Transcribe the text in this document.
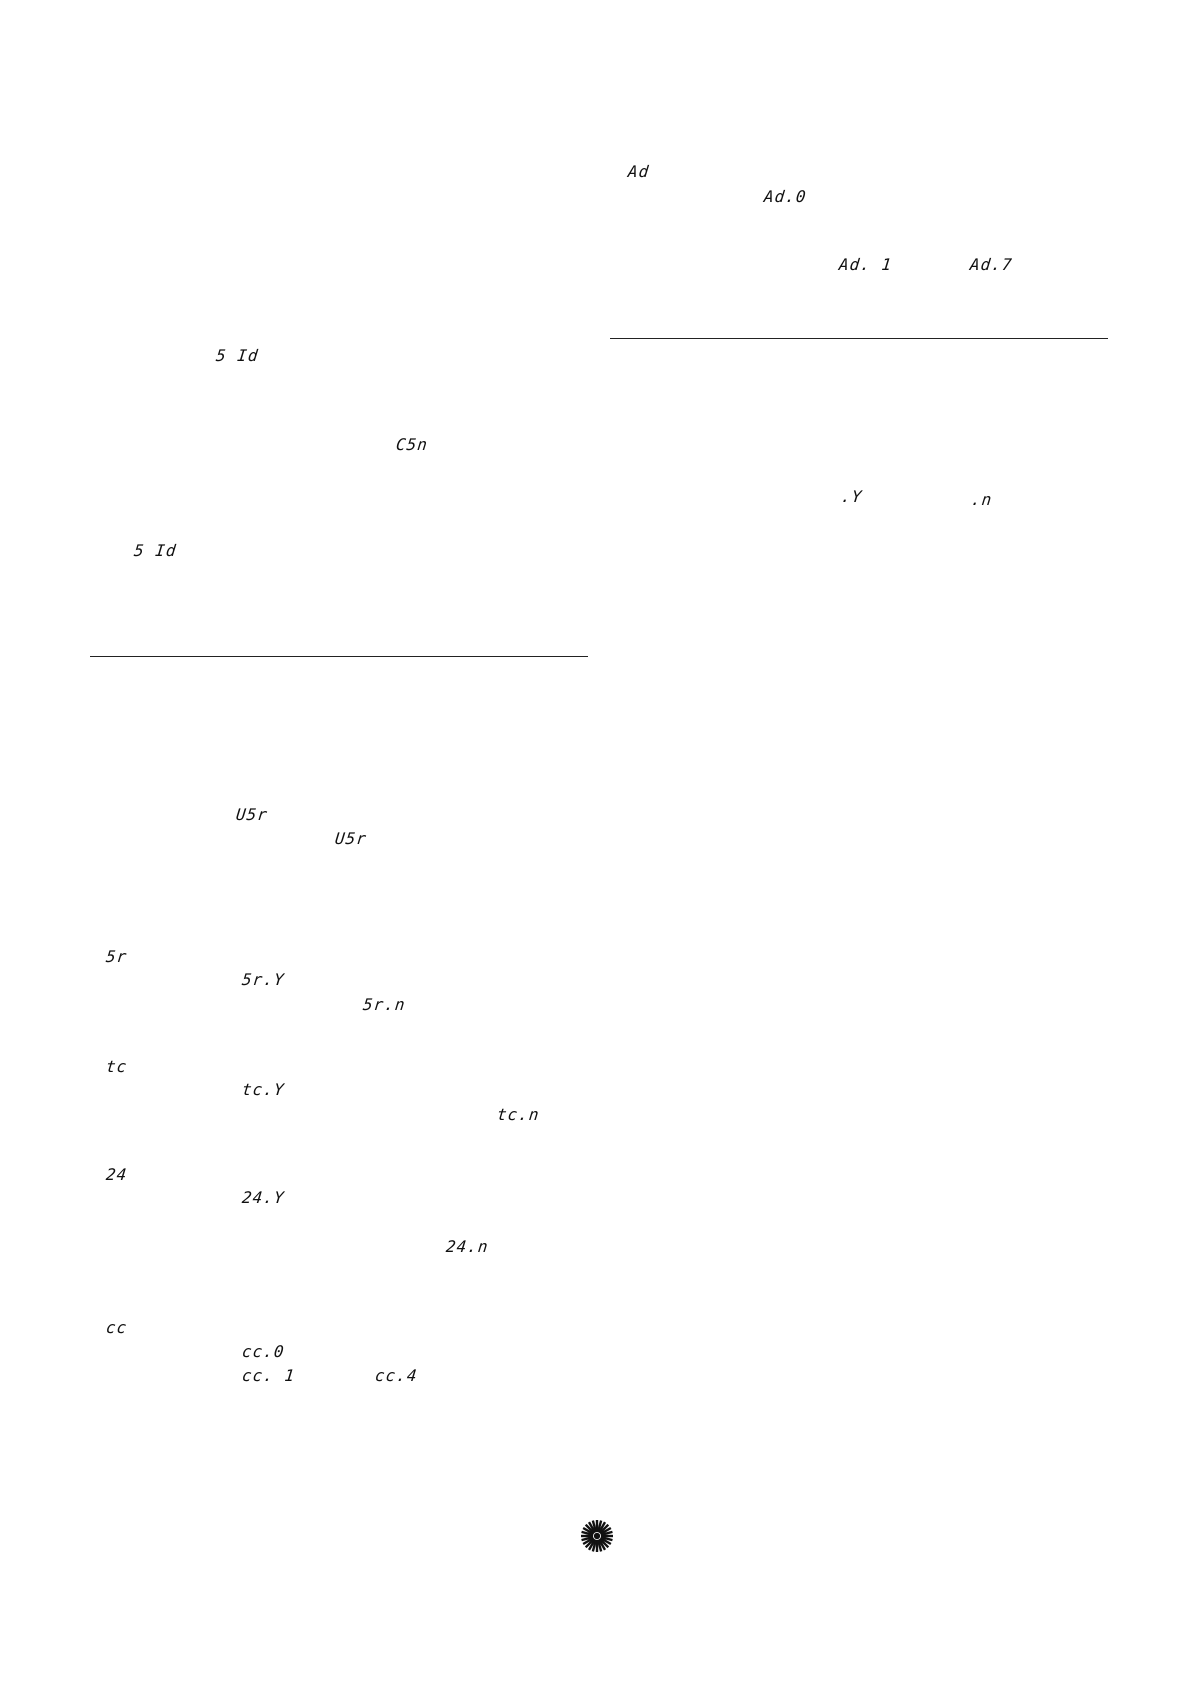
5 Id
C5n
5 Id
U5r
U5r
5r
5r.Y
5r.n
tc
tc.Y
tc.n
24
24.Y
24.n
cc
cc.0
cc. 1	cc.4
Ad
Ad.0
Ad. 1	Ad.7
.Y	.n
